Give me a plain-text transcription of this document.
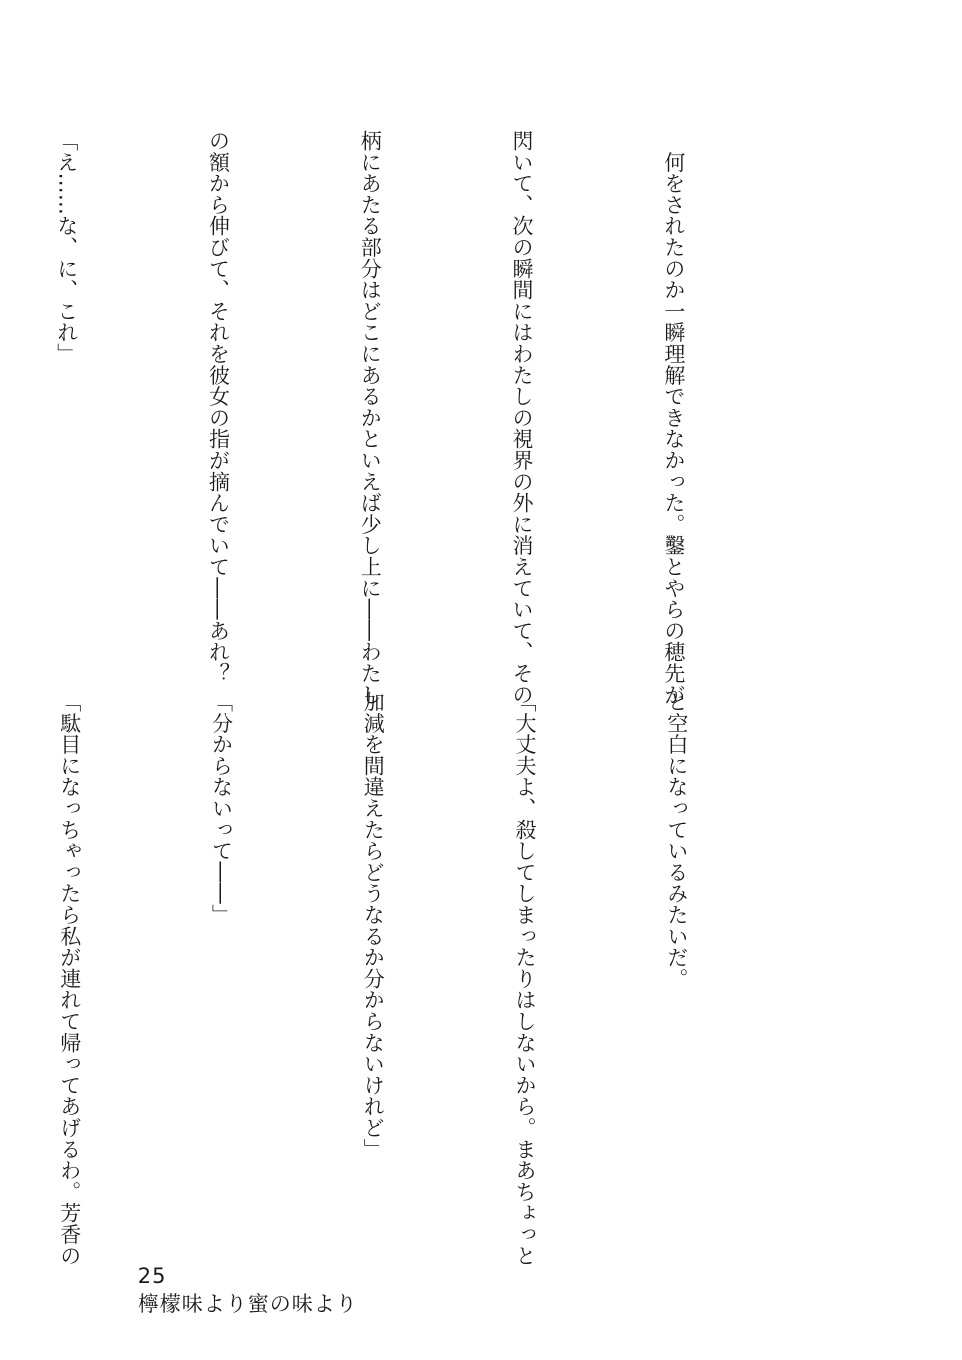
　何をされたのか一瞬理解できなかった。鑿とやらの穂先が

閃いて、次の瞬間にはわたしの視界の外に消えていて、その

柄にあたる部分はどこにあるかといえば少し上に――わたし

の額から伸びて、それを彼女の指が摘んでいて――あれ？

「え……な、に、これ」

と空白になっているみたいだ。

「大丈夫よ、殺してしまったりはしないから。まあちょっと

加減を間違えたらどうなるか分からないけれど」

「分からないって――」

「駄目になっちゃったら私が連れて帰ってあげるわ。芳香の

25
檸檬味より蜜の味より
